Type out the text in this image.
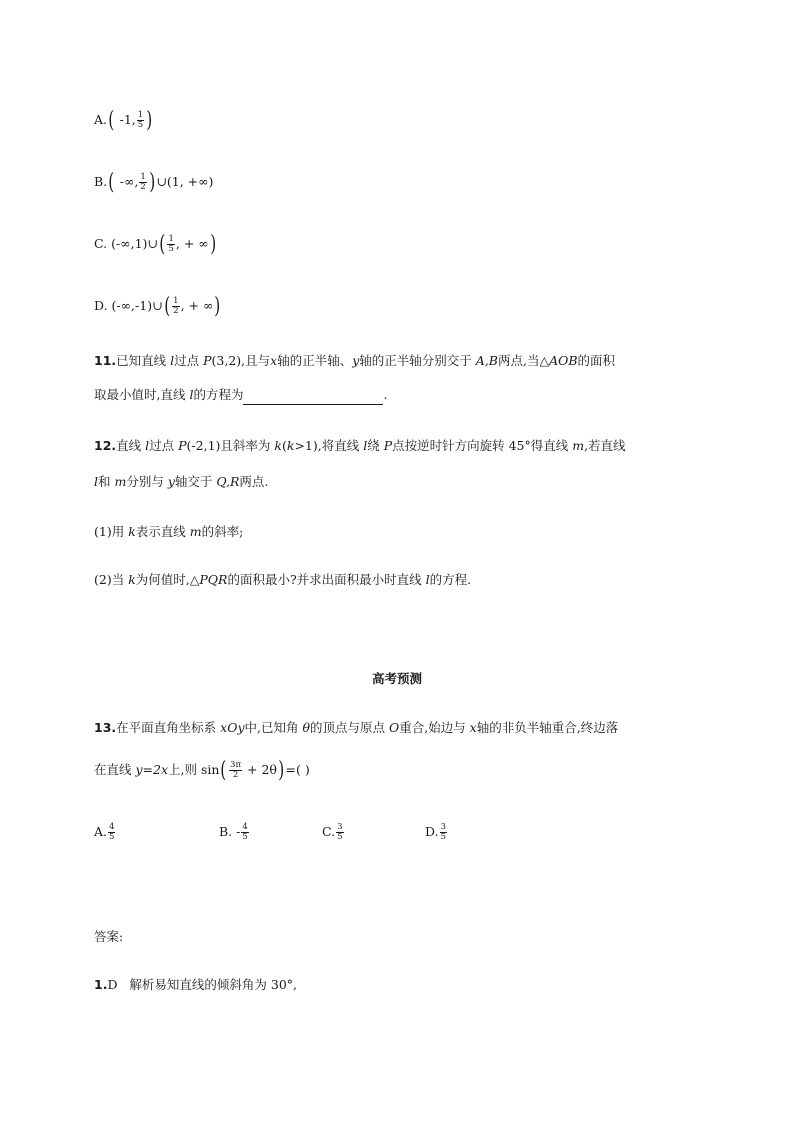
A.( -1, $\frac{1}{5}$ )
B.( -∞, $\frac{1}{2}$ )∪(1, +∞)
C. (-∞,1)∪( $\frac{1}{5}$ , + ∞)
D. (-∞,-1)∪( $\frac{1}{2}$ , + ∞)
11.已知直线 l过点 P(3,2),且与x轴的正半轴、y轴的正半轴分别交于 A,B两点,当△AOB的面积
取最小值时,直线 l的方程为	.
12.直线 l过点 P(-2,1)且斜率为 k(k>1),将直线 l绕 P点按逆时针方向旋转 45°得直线 m,若直线
l和 m分别与 y轴交于 Q,R两点.
(1)用 k表示直线 m的斜率;
(2)当 k为何值时,△PQR的面积最小?并求出面积最小时直线 l的方程.
高考预测
13.在平面直角坐标系 xOy中,已知角 θ的顶点与原点 O重合,始边与 x轴的非负半轴重合,终边落
在直线 y=2x上,则 $\sin( \frac{3\pi}{2} + 2\theta)=$( )
A. $\frac{4}{5}$	B. - $\frac{4}{5}$	C. $\frac{3}{5}$	D. $\frac{3}{5}$
答案:
1.D 解析易知直线的倾斜角为 30°,
